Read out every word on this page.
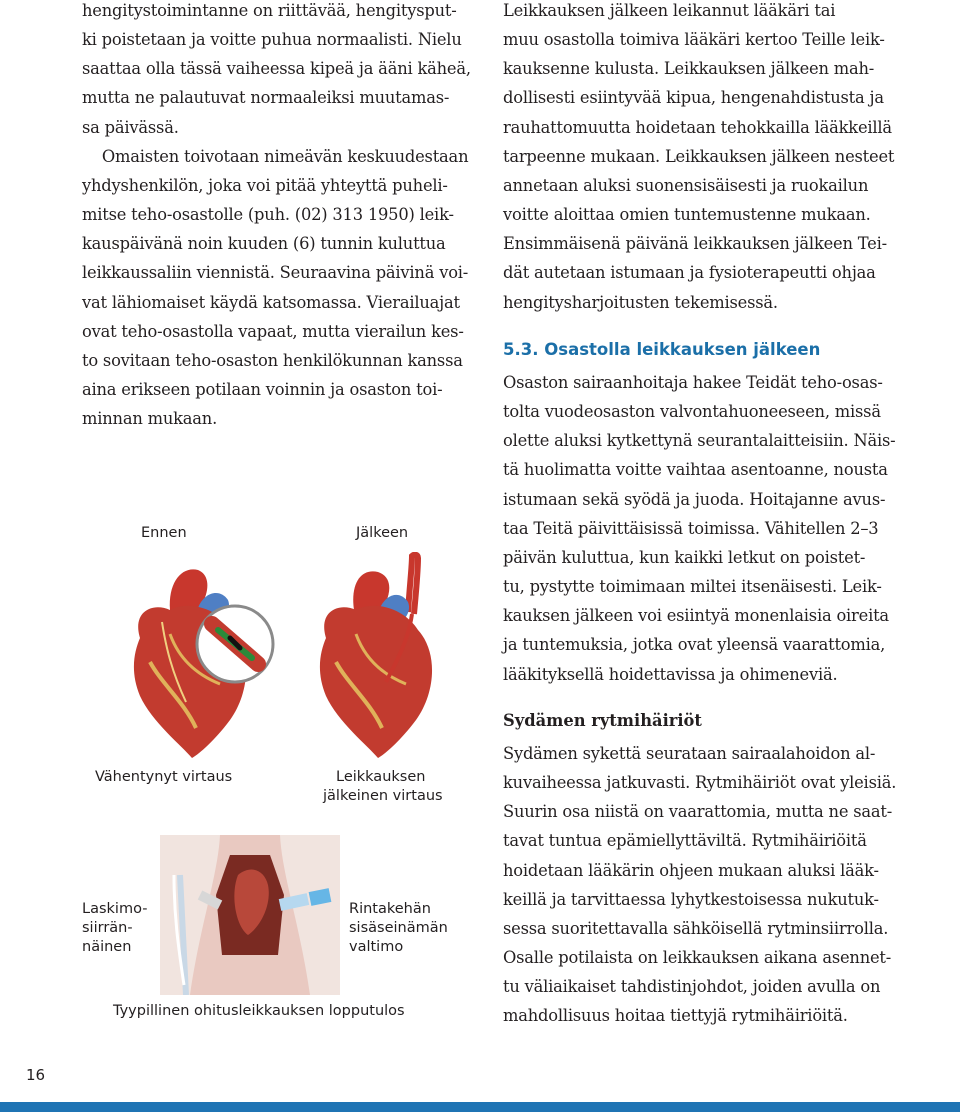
hengitystoimintanne on riittävää, hengitysput-
ki poistetaan ja voitte puhua normaalisti. Nielu
saattaa olla tässä vaiheessa kipeä ja ääni käheä,
mutta ne palautuvat normaaleiksi muutamas-
sa päivässä.
Omaisten toivotaan nimeävän keskuudestaan
yhdyshenkilön, joka voi pitää yhteyttä puheli-
mitse teho-osastolle (puh. (02) 313 1950) leik-
kauspäivänä noin kuuden (6) tunnin kuluttua
leikkaussaliin viennistä. Seuraavina päivinä voi-
vat lähiomaiset käydä katsomassa. Vierailuajat
ovat teho-osastolla vapaat, mutta vierailun kes-
to sovitaan teho-osaston henkilökunnan kanssa
aina erikseen potilaan voinnin ja osaston toi-
minnan mukaan.

Ennen	Jälkeen

Vähentynyt virtaus	Leikkauksen
jälkeinen virtaus

Laskimo-
siirrän-
näinen

Rintakehän
sisäseinämän
valtimo

Tyypillinen ohitusleikkauksen lopputulos

Leikkauksen jälkeen leikannut lääkäri tai
muu osastolla toimiva lääkäri kertoo Teille leik-
kauksenne kulusta. Leikkauksen jälkeen mah-
dollisesti esiintyvää kipua, hengenahdistusta ja
rauhattomuutta hoidetaan tehokkailla lääkkeillä
tarpeenne mukaan. Leikkauksen jälkeen nesteet
annetaan aluksi suonensisäisesti ja ruokailun
voitte aloittaa omien tuntemustenne mukaan.
Ensimmäisenä päivänä leikkauksen jälkeen Tei-
dät autetaan istumaan ja fysioterapeutti ohjaa
hengitysharjoitusten tekemisessä.
5.3. Osastolla leikkauksen jälkeen
Osaston sairaanhoitaja hakee Teidät teho-osas-
tolta vuodeosaston valvontahuoneeseen, missä
olette aluksi kytkettynä seurantalaitteisiin. Näis-
tä huolimatta voitte vaihtaa asentoanne, nousta
istumaan sekä syödä ja juoda. Hoitajanne avus-
taa Teitä päivittäisissä toimissa. Vähitellen 2–3
päivän kuluttua, kun kaikki letkut on poistet-
tu, pystytte toimimaan miltei itsenäisesti. Leik-
kauksen jälkeen voi esiintyä monenlaisia oireita
ja tuntemuksia, jotka ovat yleensä vaarattomia,
lääkityksellä hoidettavissa ja ohimeneviä.
Sydämen rytmihäiriöt
Sydämen sykettä seurataan sairaalahoidon al-
kuvaiheessa jatkuvasti. Rytmihäiriöt ovat yleisiä.
Suurin osa niistä on vaarattomia, mutta ne saat-
tavat tuntua epämiellyttäviltä. Rytmihäiriöitä
hoidetaan lääkärin ohjeen mukaan aluksi lääk-
keillä ja tarvittaessa lyhytkestoisessa nukutuk-
sessa suoritettavalla sähköisellä rytminsiirrolla.
Osalle potilaista on leikkauksen aikana asennet-
tu väliaikaiset tahdistinjohdot, joiden avulla on
mahdollisuus hoitaa tiettyjä rytmihäiriöitä.

16
